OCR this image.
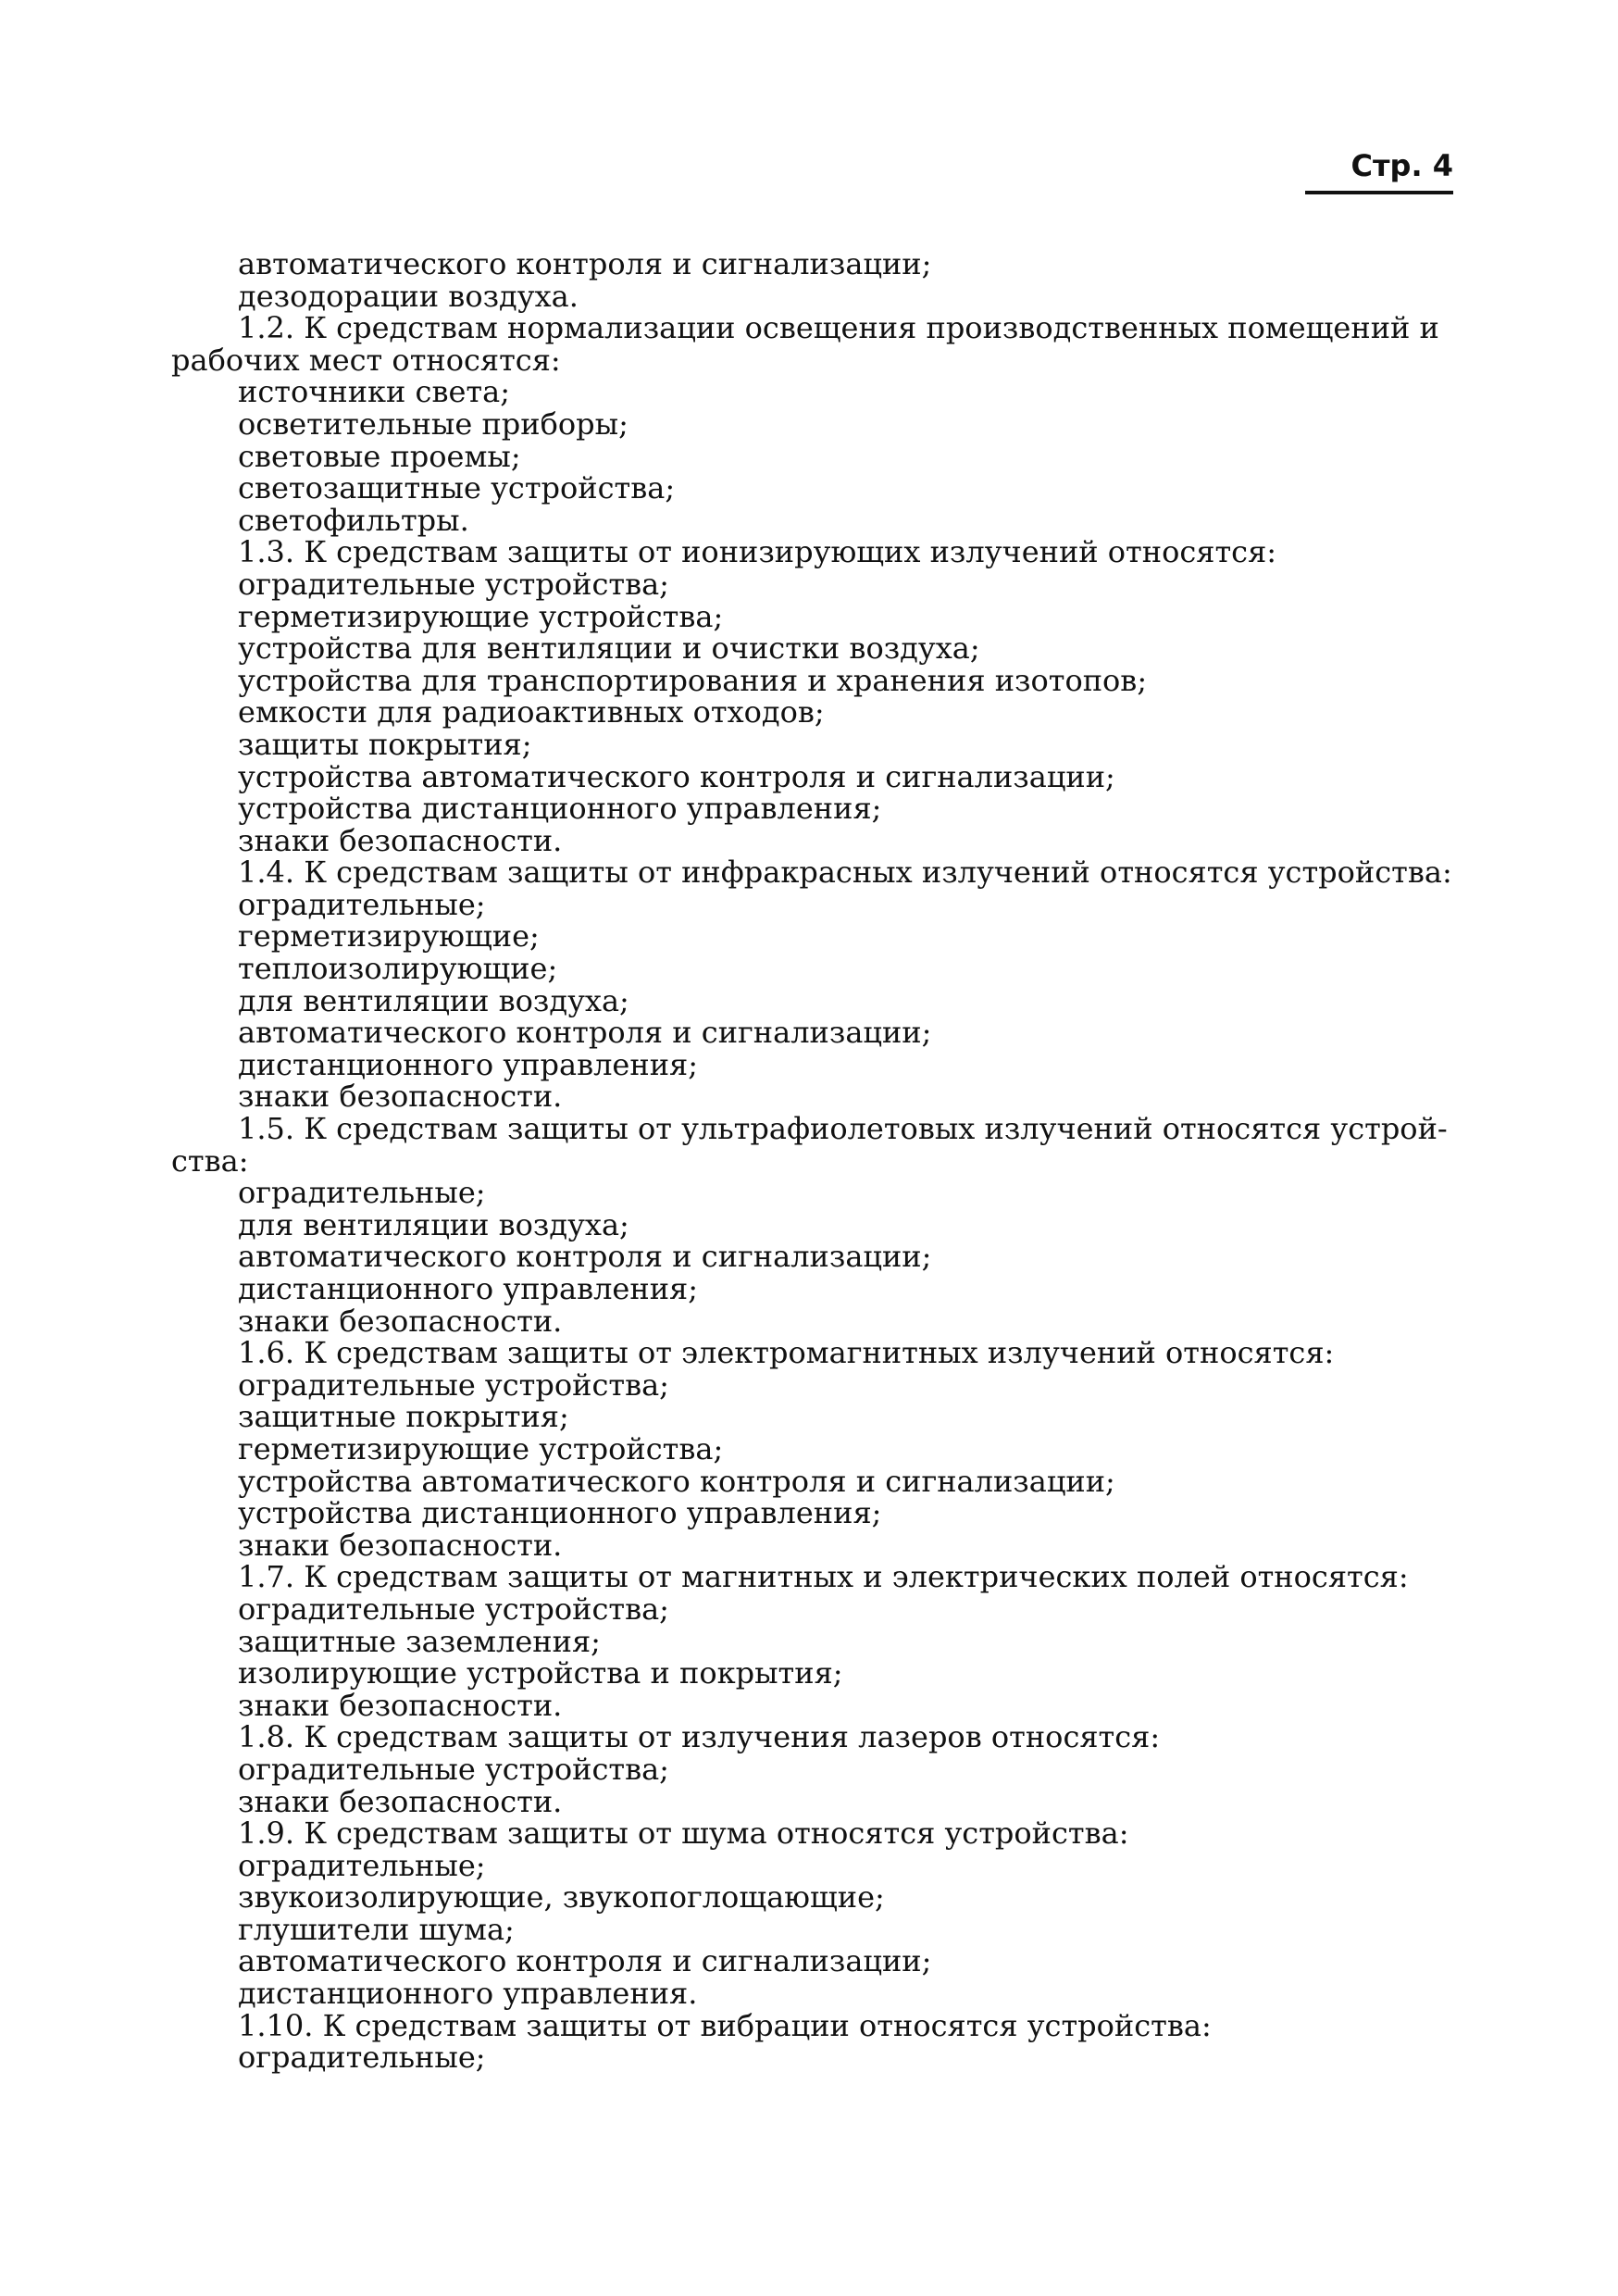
Стр. 4
автоматического контроля и сигнализации;
дезодорации воздуха.
1.2. К средствам нормализации освещения производственных помещений и
рабочих мест относятся:
источники света;
осветительные приборы;
световые проемы;
светозащитные устройства;
светофильтры.
1.3. К средствам защиты от ионизирующих излучений относятся:
оградительные устройства;
герметизирующие устройства;
устройства для вентиляции и очистки воздуха;
устройства для транспортирования и хранения изотопов;
емкости для радиоактивных отходов;
защиты покрытия;
устройства автоматического контроля и сигнализации;
устройства дистанционного управления;
знаки безопасности.
1.4. К средствам защиты от инфракрасных излучений относятся устройства:
оградительные;
герметизирующие;
теплоизолирующие;
для вентиляции воздуха;
автоматического контроля и сигнализации;
дистанционного управления;
знаки безопасности.
1.5. К средствам защиты от ультрафиолетовых излучений относятся устрой-
ства:
оградительные;
для вентиляции воздуха;
автоматического контроля и сигнализации;
дистанционного управления;
знаки безопасности.
1.6. К средствам защиты от электромагнитных излучений относятся:
оградительные устройства;
защитные покрытия;
герметизирующие устройства;
устройства автоматического контроля и сигнализации;
устройства дистанционного управления;
знаки безопасности.
1.7. К средствам защиты от магнитных и электрических полей относятся:
оградительные устройства;
защитные заземления;
изолирующие устройства и покрытия;
знаки безопасности.
1.8. К средствам защиты от излучения лазеров относятся:
оградительные устройства;
знаки безопасности.
1.9. К средствам защиты от шума относятся устройства:
оградительные;
звукоизолирующие, звукопоглощающие;
глушители шума;
автоматического контроля и сигнализации;
дистанционного управления.
1.10. К средствам защиты от вибрации относятся устройства:
оградительные;
